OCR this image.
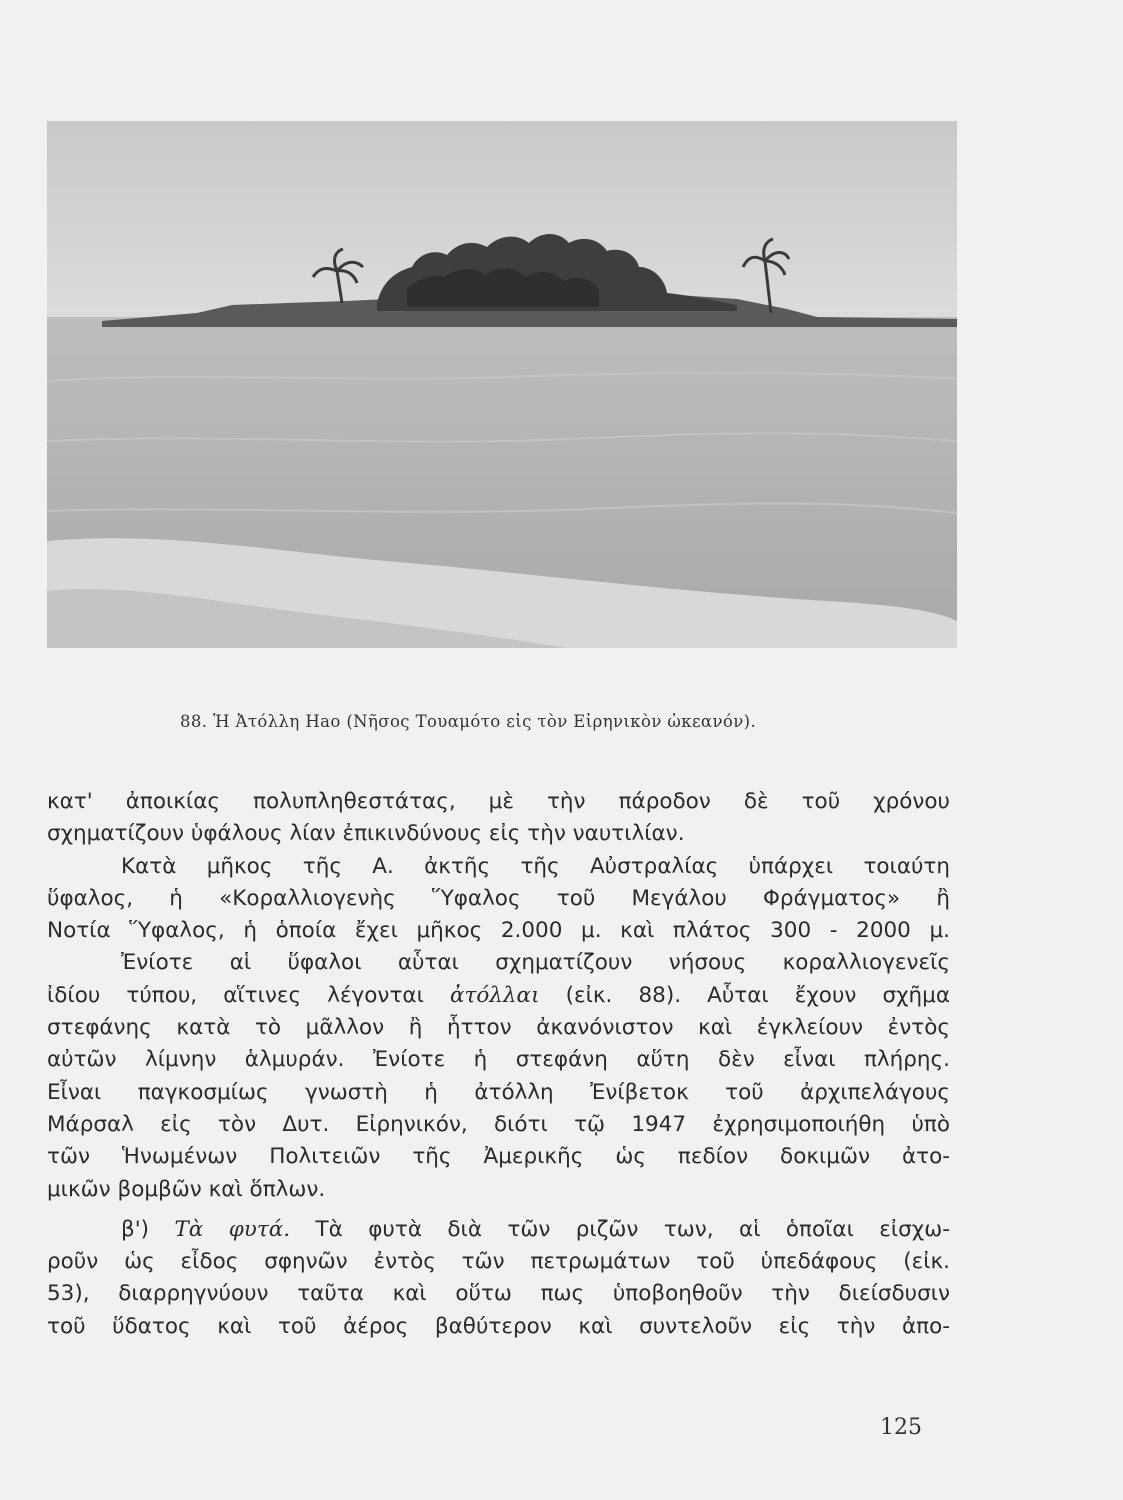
88. Ἡ Ἀτόλλη Hao (Νῆσος Τουαμότο εἰς τὸν Εἰρηνικὸν ὠκεανόν).
κατ' ἀποικίας πολυπληθεστάτας, μὲ τὴν πάροδον δὲ τοῦ χρόνου
σχηματίζουν ὑφάλους λίαν ἐπικινδύνους εἰς τὴν ναυτιλίαν.
Κατὰ μῆκος τῆς Α. ἀκτῆς τῆς Αὐστραλίας ὑπάρχει τοιαύτη
ὕφαλος, ἡ «Κοραλλιογενὴς Ὕφαλος τοῦ Μεγάλου Φράγματος» ἢ
Νοτία Ὕφαλος, ἡ ὁποία ἔχει μῆκος 2.000 μ. καὶ πλάτος 300 - 2000 μ.
Ἐνίοτε αἱ ὕφαλοι αὗται σχηματίζουν νήσους κοραλλιογενεῖς
ἰδίου τύπου, αἵτινες λέγονται ἀτόλλαι (εἰκ. 88). Αὗται ἔχουν σχῆμα
στεφάνης κατὰ τὸ μᾶλλον ἢ ἧττον ἀκανόνιστον καὶ ἐγκλείουν ἐντὸς
αὐτῶν λίμνην ἁλμυράν. Ἐνίοτε ἡ στεφάνη αὕτη δὲν εἶναι πλήρης.
Εἶναι παγκοσμίως γνωστὴ ἡ ἀτόλλη Ἐνίβετοκ τοῦ ἀρχιπελάγους
Μάρσαλ εἰς τὸν Δυτ. Εἰρηνικόν, διότι τῷ 1947 ἐχρησιμοποιήθη ὑπὸ
τῶν Ἡνωμένων Πολιτειῶν τῆς Ἀμερικῆς ὡς πεδίον δοκιμῶν ἀτο-
μικῶν βομβῶν καὶ ὅπλων.
β') Τὰ φυτά. Τὰ φυτὰ διὰ τῶν ριζῶν των, αἱ ὁποῖαι εἰσχω-
ροῦν ὡς εἶδος σφηνῶν ἐντὸς τῶν πετρωμάτων τοῦ ὑπεδάφους (εἰκ.
53), διαρρηγνύουν ταῦτα καὶ οὕτω πως ὑποβοηθοῦν τὴν διείσδυσιν
τοῦ ὕδατος καὶ τοῦ ἀέρος βαθύτερον καὶ συντελοῦν εἰς τὴν ἀπο-
125
